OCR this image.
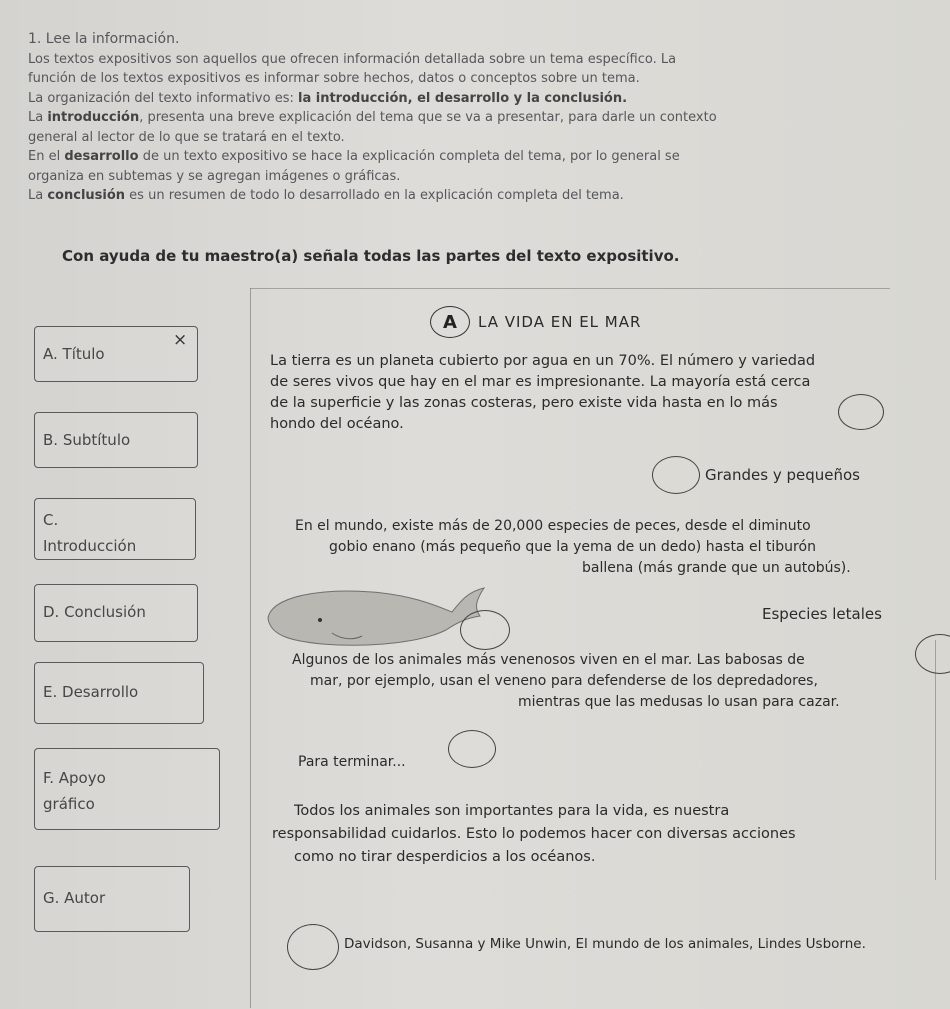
1. Lee la información.

Los textos expositivos son aquellos que ofrecen información detallada sobre un tema específico. La

función de los textos expositivos es informar sobre hechos, datos o conceptos sobre un tema.

La organización del texto informativo es: la introducción, el desarrollo y la conclusión.

La introducción, presenta una breve explicación del tema que se va a presentar, para darle un contexto

general al lector de lo que se tratará en el texto.

En el desarrollo de un texto expositivo se hace la explicación completa del tema, por lo general se

organiza en subtemas y se agregan imágenes o gráficas.

La conclusión es un resumen de todo lo desarrollado en la explicación completa del tema.

Con ayuda de tu maestro(a) señala todas las partes del texto expositivo.
A. Título
×
B. Subtítulo
C. Introducción
D. Conclusión
E. Desarrollo
F. Apoyo gráfico
G. Autor
A	LA VIDA EN EL MAR
La tierra es un planeta cubierto por agua en un 70%. El número y variedad
de seres vivos que hay en el mar es impresionante. La mayoría está cerca
de la superficie y las zonas costeras, pero existe vida hasta en lo más
hondo del océano.
Grandes y pequeños
En el mundo, existe más de 20,000 especies de peces, desde el diminuto
gobio enano (más pequeño que la yema de un dedo) hasta el tiburón
ballena (más grande que un autobús).
Especies letales
Algunos de los animales más venenosos viven en el mar. Las babosas de
mar, por ejemplo, usan el veneno para defenderse de los depredadores,
mientras que las medusas lo usan para cazar.
Para terminar...
Todos los animales son importantes para la vida, es nuestra
responsabilidad cuidarlos. Esto lo podemos hacer con diversas acciones
como no tirar desperdicios a los océanos.
Davidson, Susanna y Mike Unwin, El mundo de los animales, Lindes Usborne.
